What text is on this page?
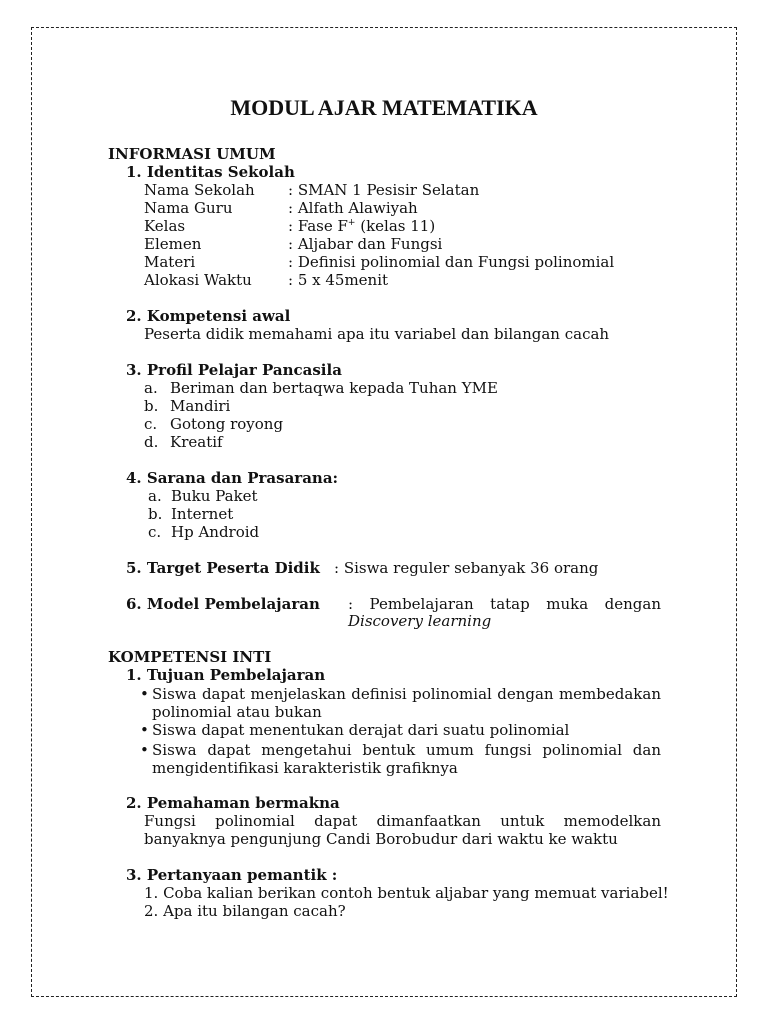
MODUL AJAR MATEMATIKA
INFORMASI UMUM
1. Identitas Sekolah
Nama Sekolah : SMAN 1 Pesisir Selatan
Nama Guru	: Alfath Alawiyah
Kelas	: Fase F+ (kelas 11)
Elemen	: Aljabar dan Fungsi
Materi	: Definisi polinomial dan Fungsi polinomial
Alokasi Waktu : 5 x 45menit
2. Kompetensi awal
Peserta didik memahami apa itu variabel dan bilangan cacah
3. Profil Pelajar Pancasila
a. Beriman dan bertaqwa kepada Tuhan YME
b. Mandiri
c. Gotong royong
d. Kreatif
4. Sarana dan Prasarana:
a. Buku Paket
b. Internet
c. Hp Android
5. Target Peserta Didik : Siswa reguler sebanyak 36 orang
6. Model Pembelajaran : Pembelajaran tatap muka dengan
Discovery learning
KOMPETENSI INTI
1. Tujuan Pembelajaran
• Siswa dapat menjelaskan definisi polinomial dengan membedakan
polinomial atau bukan
• Siswa dapat menentukan derajat dari suatu polinomial
• Siswa dapat mengetahui bentuk umum fungsi polinomial dan
mengidentifikasi karakteristik grafiknya
2. Pemahaman bermakna
Fungsi polinomial dapat dimanfaatkan untuk memodelkan
banyaknya pengunjung Candi Borobudur dari waktu ke waktu
3. Pertanyaan pemantik :
1. Coba kalian berikan contoh bentuk aljabar yang memuat variabel!
2. Apa itu bilangan cacah?
